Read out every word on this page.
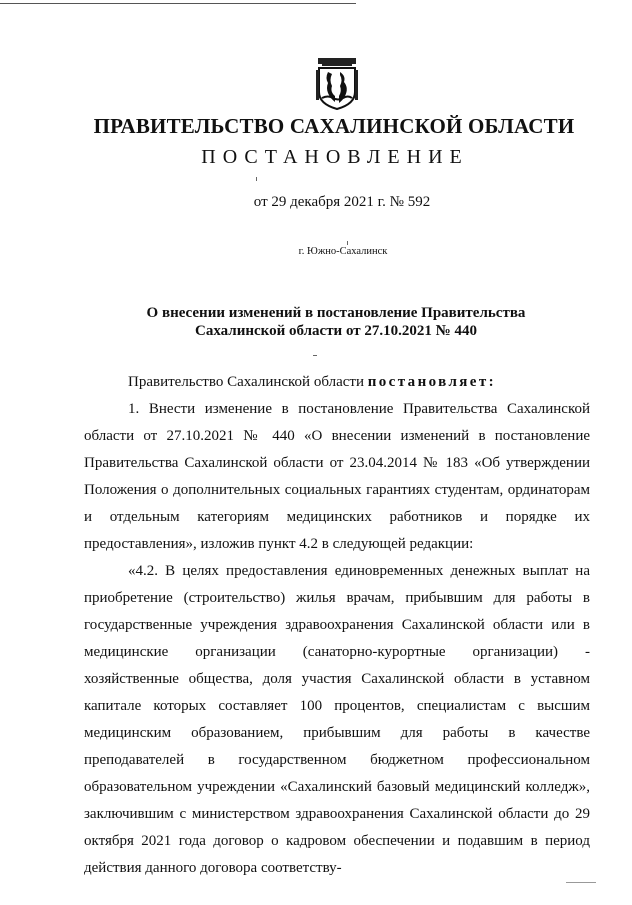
ПРАВИТЕЛЬСТВО САХАЛИНСКОЙ ОБЛАСТИ
ПОСТАНОВЛЕНИЕ
от 29 декабря 2021 г. № 592
г. Южно-Сахалинск
О внесении изменений в постановление Правительства
Сахалинской области от 27.10.2021 № 440

Правительство Сахалинской области постановляет:

1. Внести изменение в постановление Правительства Сахалинской области от 27.10.2021 № 440 «О внесении изменений в постановление Правительства Сахалинской области от 23.04.2014 № 183 «Об утверждении Положения о дополнительных социальных гарантиях студентам, ординаторам и отдельным категориям медицинских работников и порядке их предоставления», изложив пункт 4.2 в следующей редакции:

«4.2. В целях предоставления единовременных денежных выплат на приобретение (строительство) жилья врачам, прибывшим для работы в государственные учреждения здравоохранения Сахалинской области или в медицинские организации (санаторно-курортные организации) - хозяйственные общества, доля участия Сахалинской области в уставном капитале которых составляет 100 процентов, специалистам с высшим медицинским образованием, прибывшим для работы в качестве преподавателей в государственном бюджетном профессиональном образовательном учреждении «Сахалинский базовый медицинский колледж», заключившим с министерством здравоохранения Сахалинской области до 29 октября 2021 года договор о кадровом обеспечении и подавшим в период действия данного договора соответству-
